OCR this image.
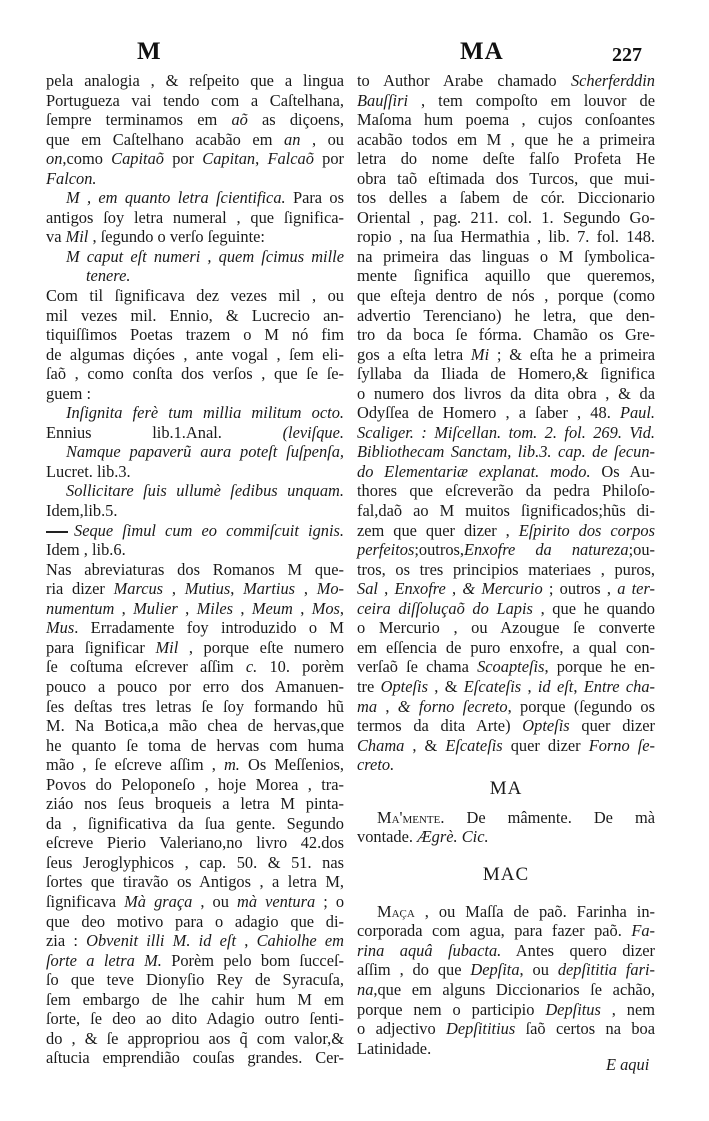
M	MA	227
pela analogia , & reſpeito que a lingua
Portugueza vai tendo com a Caſtelhana,
ſempre terminamos em aõ as diçoens,
que em Caſtelhano acabão em an , ou
on,como Capitaõ por Capitan, Falcaõ por
Falcon.
M , em quanto letra ſcientifica. Para os
antigos ſoy letra numeral , que ſignifica-
va Mil , ſegundo o verſo ſeguinte:
M caput eſt numeri , quem ſcimus mille
tenere.
Com til ſignificava dez vezes mil , ou
mil vezes mil. Ennio, & Lucrecio an-
tiquiſſimos Poetas trazem o M nó fim
de algumas diçóes , ante vogal , ſem eli-
ſaõ , como conſta dos verſos , que ſe ſe-
guem :
Inſignita ferè tum millia militum octo.
Ennius lib.1.Anal. (leviſque.
Namque papaverũ aura poteſt ſuſpenſa,
Lucret. lib.3.
Sollicitare ſuis ullumè ſedibus unquam.
Idem,lib.5.
Seque ſimul cum eo commiſcuit ignis.
Idem , lib.6.
Nas abreviaturas dos Romanos M que-
ria dizer Marcus , Mutius, Martius , Mo-
numentum , Mulier , Miles , Meum , Mos,
Mus. Erradamente foy introduzido o M
para ſignificar Mil , porque eſte numero
ſe coſtuma eſcrever aſſim c. 10. porèm
pouco a pouco por erro dos Amanuen-
ſes deſtas tres letras ſe ſoy formando hũ
M. Na Botica,a mão chea de hervas,que
he quanto ſe toma de hervas com huma
mão , ſe eſcreve aſſim , m. Os Meſſenios,
Povos do Peloponeſo , hoje Morea , tra-
ziáo nos ſeus broqueis a letra M pinta-
da , ſignificativa da ſua gente. Segundo
eſcreve Pierio Valeriano,no livro 42.dos
ſeus Jeroglyphicos , cap. 50. & 51. nas
ſortes que tiravão os Antigos , a letra M,
ſignificava Mà graça , ou mà ventura ; o
que deo motivo para o adagio que di-
zia : Obvenit illi M. id eſt , Cahiolhe em
ſorte a letra M. Porèm pelo bom ſucceſ-
ſo que teve Dionyſio Rey de Syracuſa,
ſem embargo de lhe cahir hum M em
ſorte, ſe deo ao dito Adagio outro ſenti-
do , & ſe appropriou aos q̃ com valor,&
aſtucia emprendião couſas grandes. Cer-
to Author Arabe chamado Scherferddin
Bauſſiri , tem compoſto em louvor de
Maſoma hum poema , cujos conſoantes
acabão todos em M , que he a primeira
letra do nome deſte falſo Profeta He
obra taõ eſtimada dos Turcos, que mui-
tos delles a ſabem de cór. Diccionario
Oriental , pag. 211. col. 1. Segundo Go-
ropio , na ſua Hermathia , lib. 7. fol. 148.
na primeira das linguas o M ſymbolica-
mente ſignifica aquillo que queremos,
que eſteja dentro de nós , porque (como
advertio Terenciano) he letra, que den-
tro da boca ſe fórma. Chamão os Gre-
gos a eſta letra Mi ; & eſta he a primeira
ſyllaba da Iliada de Homero,& ſignifica
o numero dos livros da dita obra , & da
Odyſſea de Homero , a ſaber , 48. Paul.
Scaliger. : Miſcellan. tom. 2. fol. 269. Vid.
Bibliothecam Sanctam, lib.3. cap. de ſecun-
do Elementariæ explanat. modo. Os Au-
thores que eſcreverão da pedra Philoſo-
fal,daõ ao M muitos ſignificados;hũs di-
zem que quer dizer , Eſpirito dos corpos
perfeitos;outros,Enxofre da natureza;ou-
tros, os tres principios materiaes , puros,
Sal , Enxofre , & Mercurio ; outros , a ter-
ceira diſſoluçaõ do Lapis , que he quando
o Mercurio , ou Azougue ſe converte
em eſſencia de puro enxofre, a qual con-
verſaõ ſe chama Scoapteſis, porque he en-
tre Opteſis , & Eſcateſis , id eſt, Entre cha-
ma , & forno ſecreto, porque (ſegundo os
termos da dita Arte) Opteſis quer dizer
Chama , & Eſcateſis quer dizer Forno ſe-
creto.
MA
Ma'mente. De mâmente. De mà
vontade. Ægrè. Cic.
MAC
Maça , ou Maſſa de paõ. Farinha in-
corporada com agua, para fazer paõ. Fa-
rina aquâ ſubacta. Antes quero dizer
aſſim , do que Depſita, ou depſititia fari-
na,que em alguns Diccionarios ſe achão,
porque nem o participio Depſitus , nem
o adjectivo Depſititius ſaõ certos na boa
Latinidade.
E aqui
